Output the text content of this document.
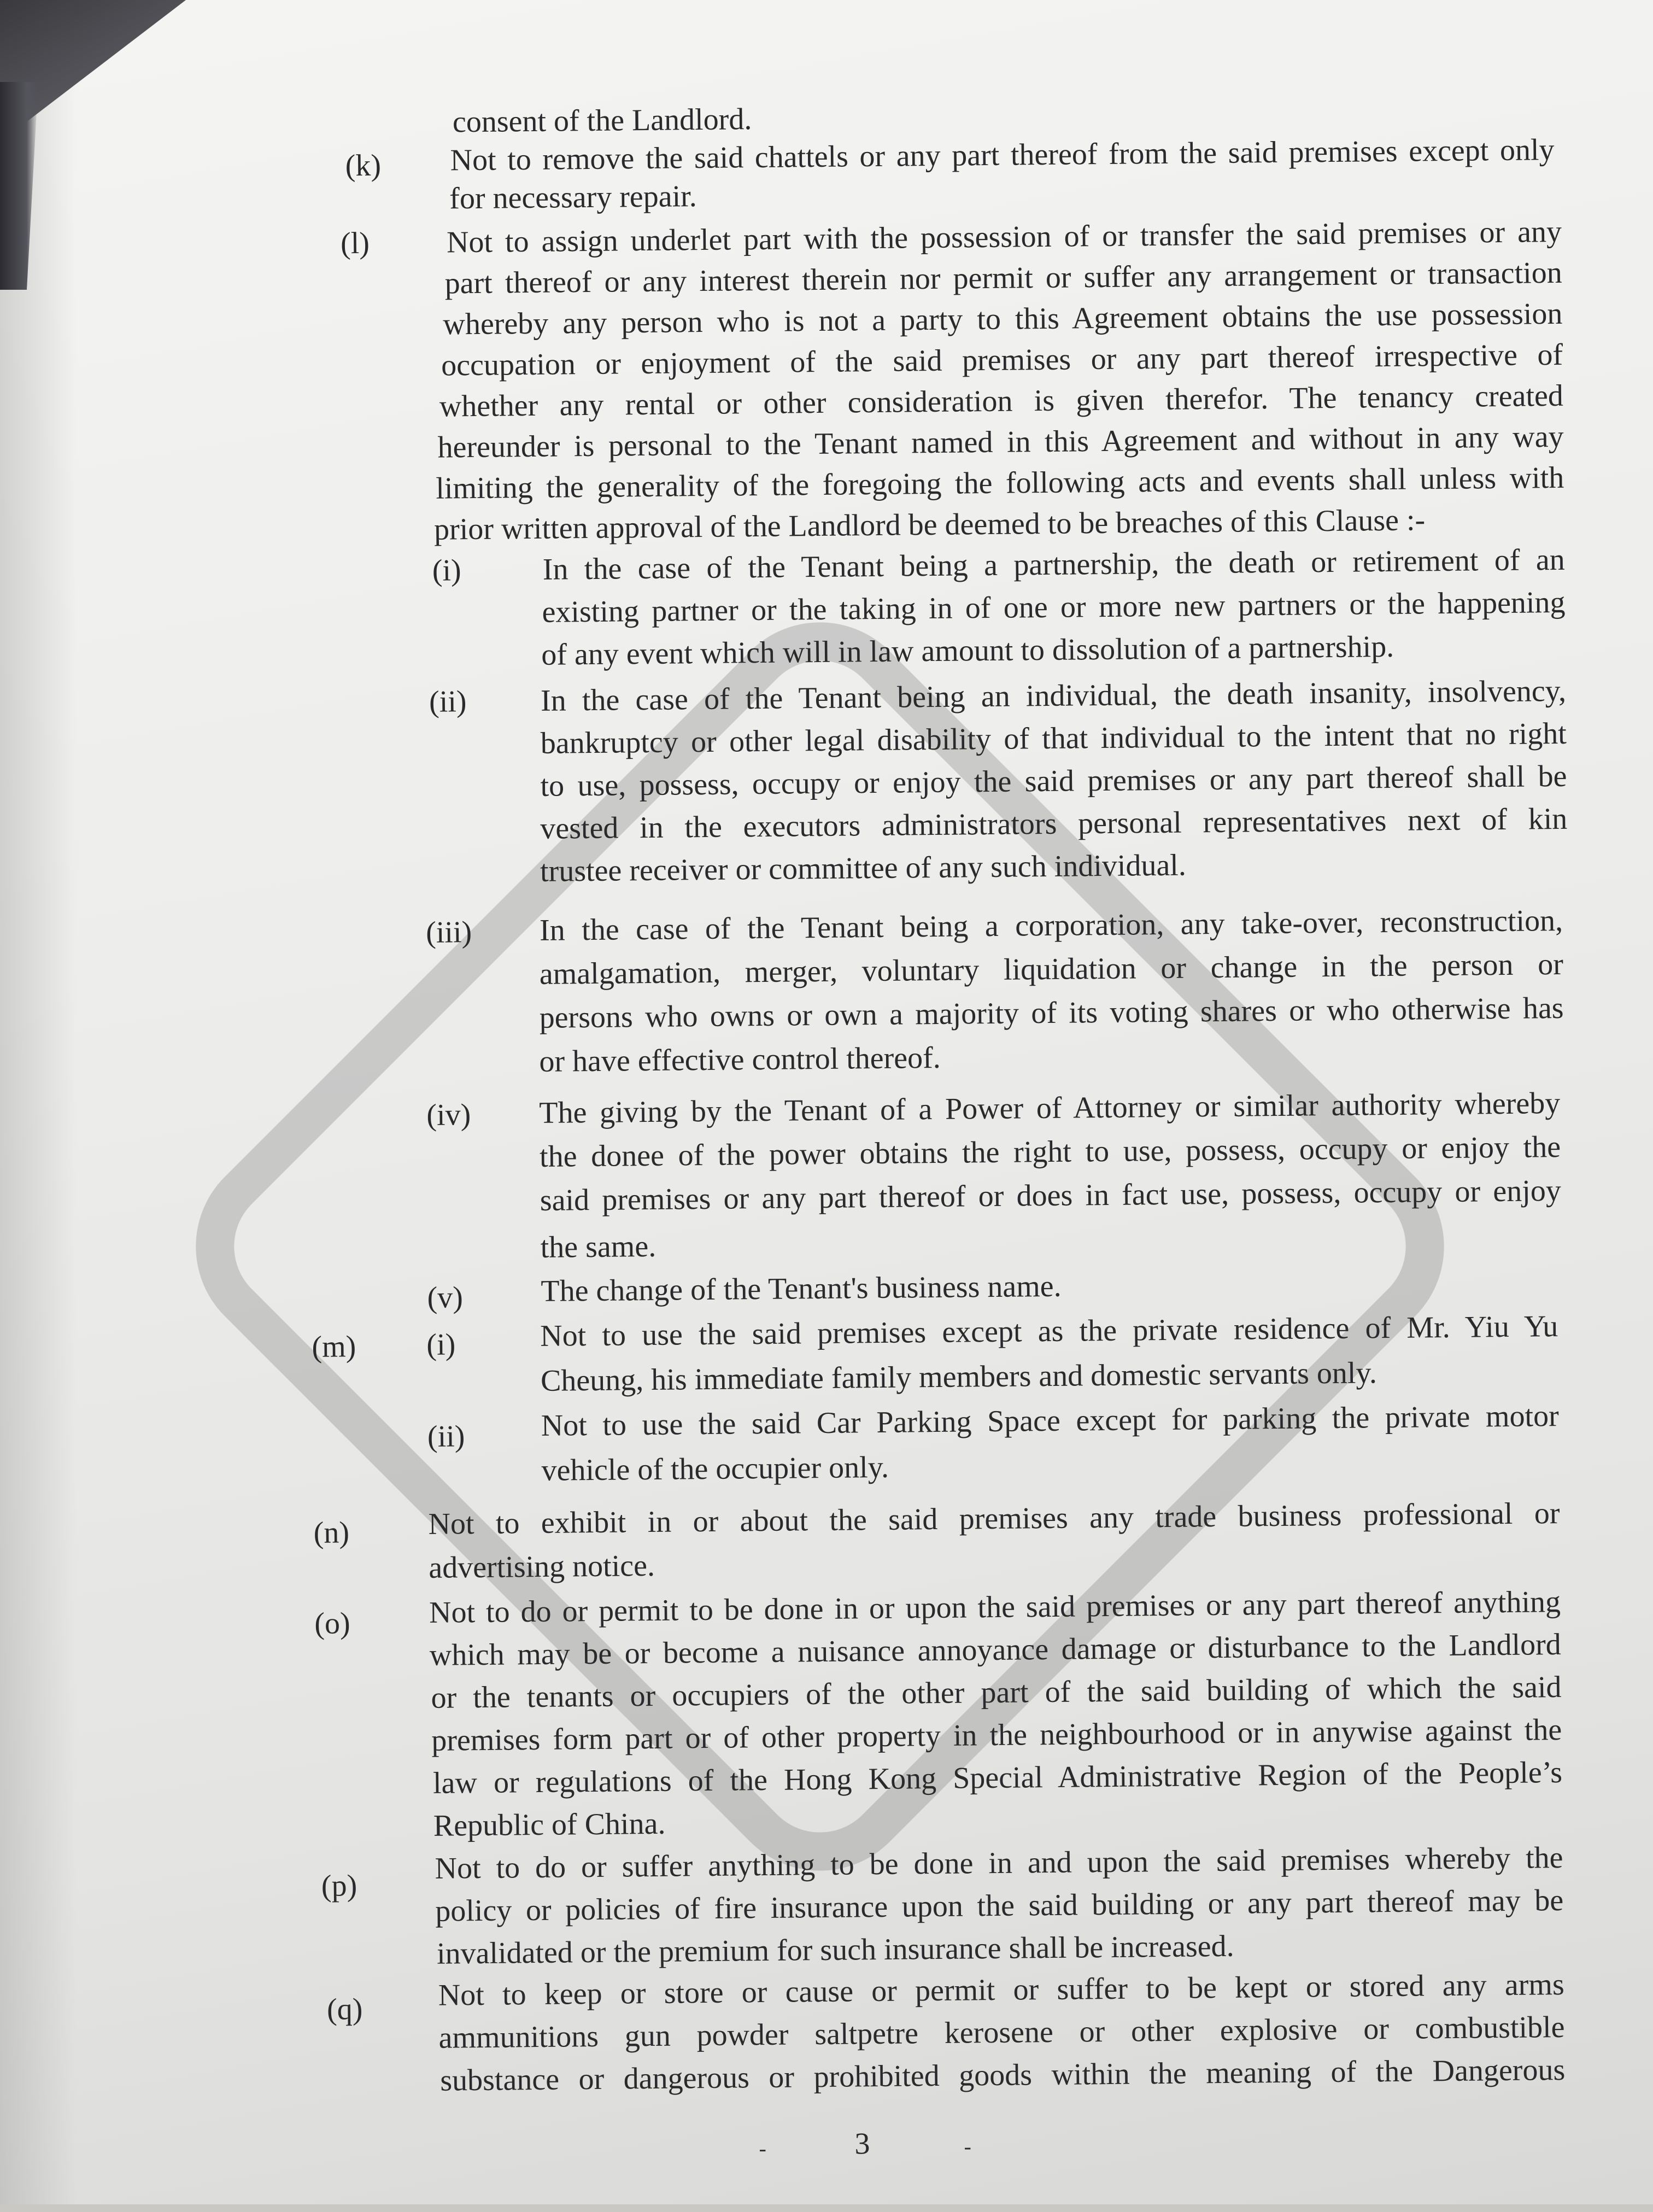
consent of the Landlord.
(k) Not to remove the said chattels or any part thereof from the said premises except only
for necessary repair.
(l)	Not to assign underlet part with the possession of or transfer the said premises or any
part thereof or any interest therein nor permit or suffer any arrangement or transaction
whereby any person who is not a party to this Agreement obtains the use possession
occupation or enjoyment of the said premises or any part thereof irrespective of
whether any rental or other consideration is given therefor. The tenancy created
hereunder is personal to the Tenant named in this Agreement and without in any way
limiting the generality of the foregoing the following acts and events shall unless with
prior written approval of the Landlord be deemed to be breaches of this Clause :-
(i)	In the case of the Tenant being a partnership, the death or retirement of an
existing partner or the taking in of one or more new partners or the happening
of any event which will in law amount to dissolution of a partnership.
(ii) In the case of the Tenant being an individual, the death insanity, insolvency,
bankruptcy or other legal disability of that individual to the intent that no right
to use, possess, occupy or enjoy the said premises or any part thereof shall be
vested in the executors administrators personal representatives next of kin
trustee receiver or committee of any such individual.
(iii) In the case of the Tenant being a corporation, any take-over, reconstruction,
amalgamation, merger, voluntary liquidation or change in the person or
persons who owns or own a majority of its voting shares or who otherwise has
or have effective control thereof.
(iv) The giving by the Tenant of a Power of Attorney or similar authority whereby
the donee of the power obtains the right to use, possess, occupy or enjoy the
said premises or any part thereof or does in fact use, possess, occupy or enjoy
the same.
(v)	The change of the Tenant's business name.
(m) (i)	Not to use the said premises except as the private residence of Mr. Yiu Yu
Cheung, his immediate family members and domestic servants only.
(ii) Not to use the said Car Parking Space except for parking the private motor
vehicle of the occupier only.
(n)	Not to exhibit in or about the said premises any trade business professional or
advertising notice.
(o)	Not to do or permit to be done in or upon the said premises or any part thereof anything
which may be or become a nuisance annoyance damage or disturbance to the Landlord
or the tenants or occupiers of the other part of the said building of which the said
premises form part or of other property in the neighbourhood or in anywise against the
law or regulations of the Hong Kong Special Administrative Region of the People’s
Republic of China.
(p)
Not to do or suffer anything to be done in and upon the said premises whereby the
policy or policies of fire insurance upon the said building or any part thereof may be
invalidated or the premium for such insurance shall be increased.
(q) Not to keep or store or cause or permit or suffer to be kept or stored any arms
ammunitions gun powder saltpetre kerosene or other explosive or combustible
substance or dangerous or prohibited goods within the meaning of the Dangerous
-	3	-
